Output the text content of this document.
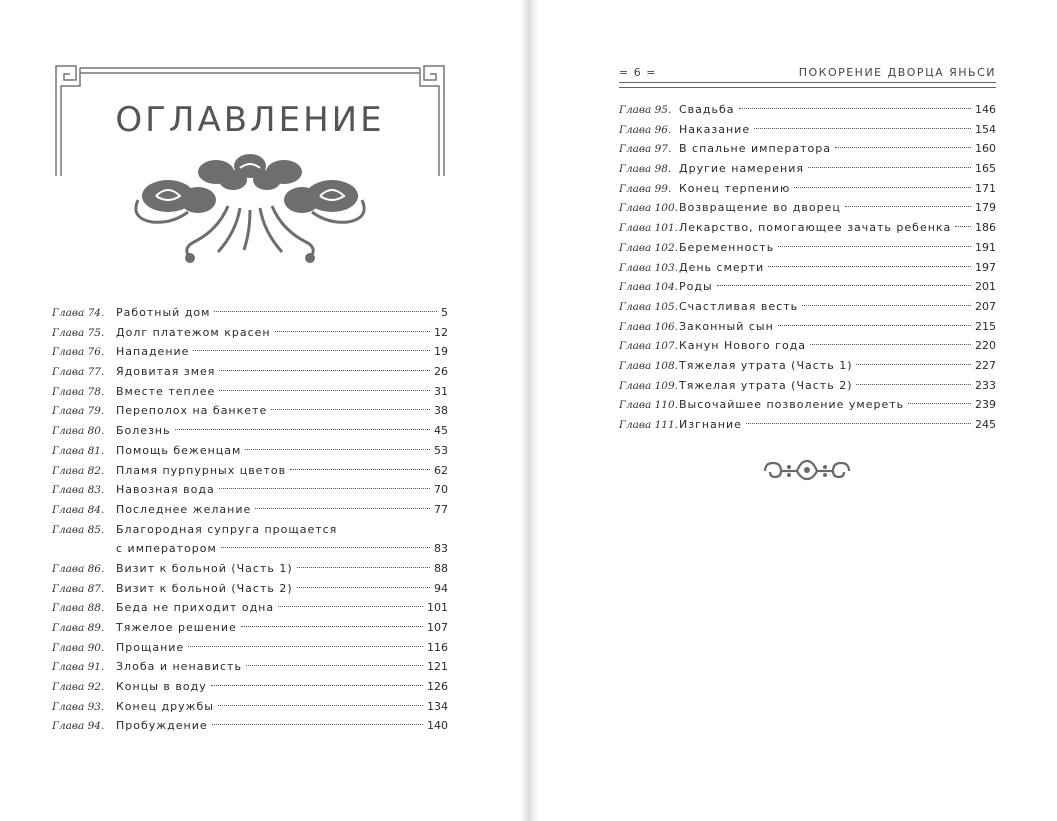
ОГЛАВЛЕНИЕ
Глава 74.	Работный дом	5
Глава 75.	Долг платежом красен	12
Глава 76.	Нападение	19
Глава 77.	Ядовитая змея	26
Глава 78.	Вместе теплее	31
Глава 79.	Переполох на банкете	38
Глава 80.	Болезнь	45
Глава 81.	Помощь беженцам	53
Глава 82.	Пламя пурпурных цветов	62
Глава 83.	Навозная вода	70
Глава 84.	Последнее желание	77
Глава 85.	Благородная супруга прощается
с императором	83
Глава 86.	Визит к больной (Часть 1)	88
Глава 87.	Визит к больной (Часть 2)	94
Глава 88.	Беда не приходит одна	101
Глава 89.	Тяжелое решение	107
Глава 90.	Прощание	116
Глава 91.	Злоба и ненависть	121
Глава 92.	Концы в воду	126
Глава 93.	Конец дружбы	134
Глава 94.	Пробуждение	140
= 6 =	ПОКОРЕНИЕ ДВОРЦА ЯНЬСИ
Глава 95. Свадьба	146
Глава 96. Наказание	154
Глава 97. В спальне императора	160
Глава 98. Другие намерения	165
Глава 99. Конец терпению	171
Глава 100. Возвращение во дворец	179
Глава 101. Лекарство, помогающее зачать ребенка 186
Глава 102. Беременность	191
Глава 103. День смерти	197
Глава 104. Роды	201
Глава 105. Счастливая весть	207
Глава 106. Законный сын	215
Глава 107. Канун Нового года	220
Глава 108. Тяжелая утрата (Часть 1)	227
Глава 109. Тяжелая утрата (Часть 2)	233
Глава 110. Высочайшее позволение умереть	239
Глава 111. Изгнание	245
